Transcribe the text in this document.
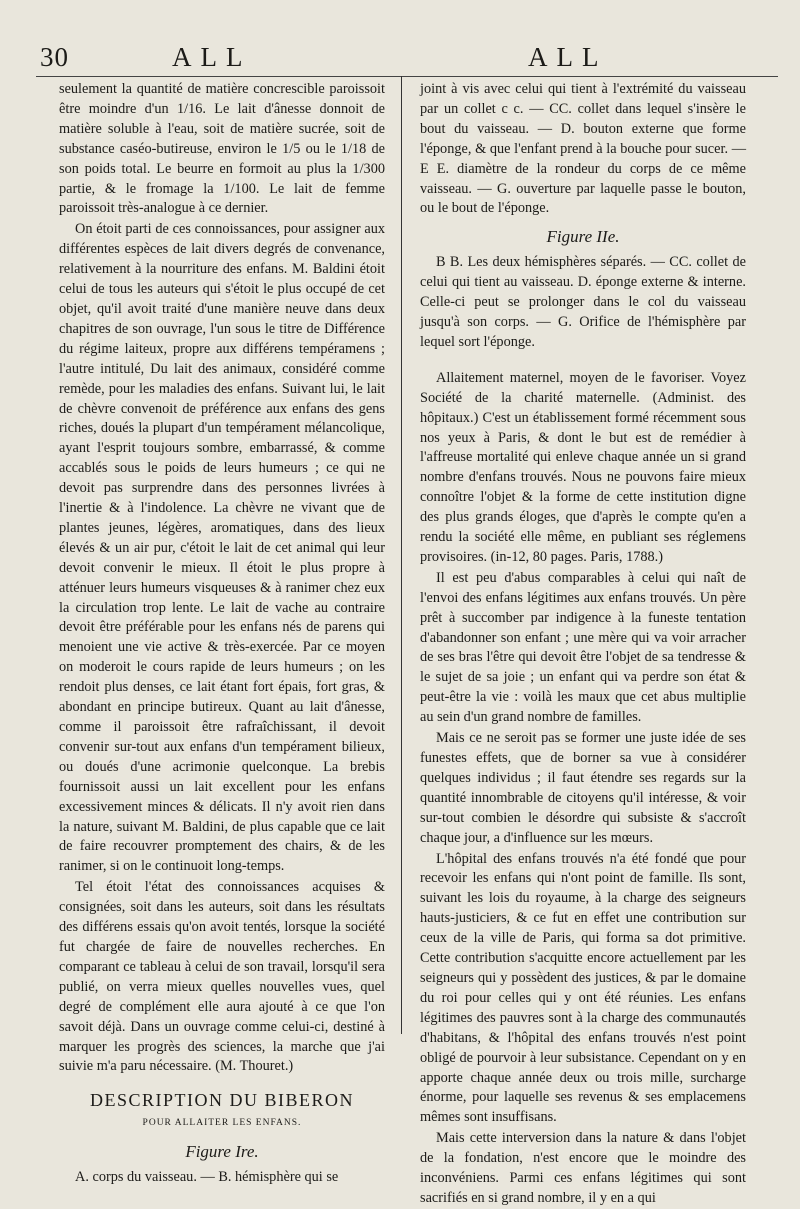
30	ALL	ALL

seulement la quantité de matière concrescible paroissoit être moindre d'un 1/16. Le lait d'ânesse donnoit de matière soluble à l'eau, soit de matière sucrée, soit de substance caséo-butireuse, environ le 1/5 ou le 1/18 de son poids total. Le beurre en formoit au plus la 1/300 partie, & le fromage la 1/100. Le lait de femme paroissoit très-analogue à ce dernier.

On étoit parti de ces connoissances, pour assigner aux différentes espèces de lait divers degrés de convenance, relativement à la nourriture des enfans. M. Baldini étoit celui de tous les auteurs qui s'étoit le plus occupé de cet objet, qu'il avoit traité d'une manière neuve dans deux chapitres de son ouvrage, l'un sous le titre de Différence du régime laiteux, propre aux différens tempéramens ; l'autre intitulé, Du lait des animaux, considéré comme remède, pour les maladies des enfans. Suivant lui, le lait de chèvre convenoit de préférence aux enfans des gens riches, doués la plupart d'un tempérament mélancolique, ayant l'esprit toujours sombre, embarrassé, & comme accablés sous le poids de leurs humeurs ; ce qui ne devoit pas surprendre dans des personnes livrées à l'inertie & à l'indolence. La chèvre ne vivant que de plantes jeunes, légères, aromatiques, dans des lieux élevés & un air pur, c'étoit le lait de cet animal qui leur devoit convenir le mieux. Il étoit le plus propre à atténuer leurs humeurs visqueuses & à ranimer chez eux la circulation trop lente. Le lait de vache au contraire devoit être préférable pour les enfans nés de parens qui menoient une vie active & très-exercée. Par ce moyen on moderoit le cours rapide de leurs humeurs ; on les rendoit plus denses, ce lait étant fort épais, fort gras, & abondant en principe butireux. Quant au lait d'ânesse, comme il paroissoit être rafraîchissant, il devoit convenir sur-tout aux enfans d'un tempérament bilieux, ou doués d'une acrimonie quelconque. La brebis fournissoit aussi un lait excellent pour les enfans excessivement minces & délicats. Il n'y avoit rien dans la nature, suivant M. Baldini, de plus capable que ce lait de faire recouvrer promptement des chairs, & de les ranimer, si on le continuoit long-temps.

Tel étoit l'état des connoissances acquises & consignées, soit dans les auteurs, soit dans les résultats des différens essais qu'on avoit tentés, lorsque la société fut chargée de faire de nouvelles recherches. En comparant ce tableau à celui de son travail, lorsqu'il sera publié, on verra mieux quelles nouvelles vues, quel degré de complément elle aura ajouté à ce que l'on savoit déjà. Dans un ouvrage comme celui-ci, destiné à marquer les progrès des sciences, la marche que j'ai suivie m'a paru nécessaire. (M. Thouret.)

DESCRIPTION DU BIBERON

POUR ALLAITER LES ENFANS.

Figure Ire.

A. corps du vaisseau. — B. hémisphère qui se

joint à vis avec celui qui tient à l'extrémité du vaisseau par un collet c c. — CC. collet dans lequel s'insère le bout du vaisseau. — D. bouton externe que forme l'éponge, & que l'enfant prend à la bouche pour sucer. — E E. diamètre de la rondeur du corps de ce même vaisseau. — G. ouverture par laquelle passe le bouton, ou le bout de l'éponge.

Figure IIe.

B B. Les deux hémisphères séparés. — CC. collet de celui qui tient au vaisseau. D. éponge externe & interne. Celle-ci peut se prolonger dans le col du vaisseau jusqu'à son corps. — G. Orifice de l'hémisphère par lequel sort l'éponge.

Allaitement maternel, moyen de le favoriser. Voyez Société de la charité maternelle. (Administ. des hôpitaux.) C'est un établissement formé récemment sous nos yeux à Paris, & dont le but est de remédier à l'affreuse mortalité qui enleve chaque année un si grand nombre d'enfans trouvés. Nous ne pouvons faire mieux connoître l'objet & la forme de cette institution digne des plus grands éloges, que d'après le compte qu'en a rendu la société elle même, en publiant ses réglemens provisoires. (in-12, 80 pages. Paris, 1788.)

Il est peu d'abus comparables à celui qui naît de l'envoi des enfans légitimes aux enfans trouvés. Un père prêt à succomber par indigence à la funeste tentation d'abandonner son enfant ; une mère qui va voir arracher de ses bras l'être qui devoit être l'objet de sa tendresse & le sujet de sa joie ; un enfant qui va perdre son état & peut-être la vie : voilà les maux que cet abus multiplie au sein d'un grand nombre de familles.

Mais ce ne seroit pas se former une juste idée de ses funestes effets, que de borner sa vue à considérer quelques individus ; il faut étendre ses regards sur la quantité innombrable de citoyens qu'il intéresse, & voir sur-tout combien le désordre qui subsiste & s'accroît chaque jour, a d'influence sur les mœurs.

L'hôpital des enfans trouvés n'a été fondé que pour recevoir les enfans qui n'ont point de famille. Ils sont, suivant les lois du royaume, à la charge des seigneurs hauts-justiciers, & ce fut en effet une contribution sur ceux de la ville de Paris, qui forma sa dot primitive. Cette contribution s'acquitte encore actuellement par les seigneurs qui y possèdent des justices, & par le domaine du roi pour celles qui y ont été réunies. Les enfans légitimes des pauvres sont à la charge des communautés d'habitans, & l'hôpital des enfans trouvés n'est point obligé de pourvoir à leur subsistance. Cependant on y en apporte chaque année deux ou trois mille, surcharge énorme, pour laquelle ses revenus & ses emplacemens mêmes sont insuffisans.

Mais cette interversion dans la nature & dans l'objet de la fondation, n'est encore que le moindre des inconvéniens. Parmi ces enfans légitimes qui sont sacrifiés en si grand nombre, il y en a qui
